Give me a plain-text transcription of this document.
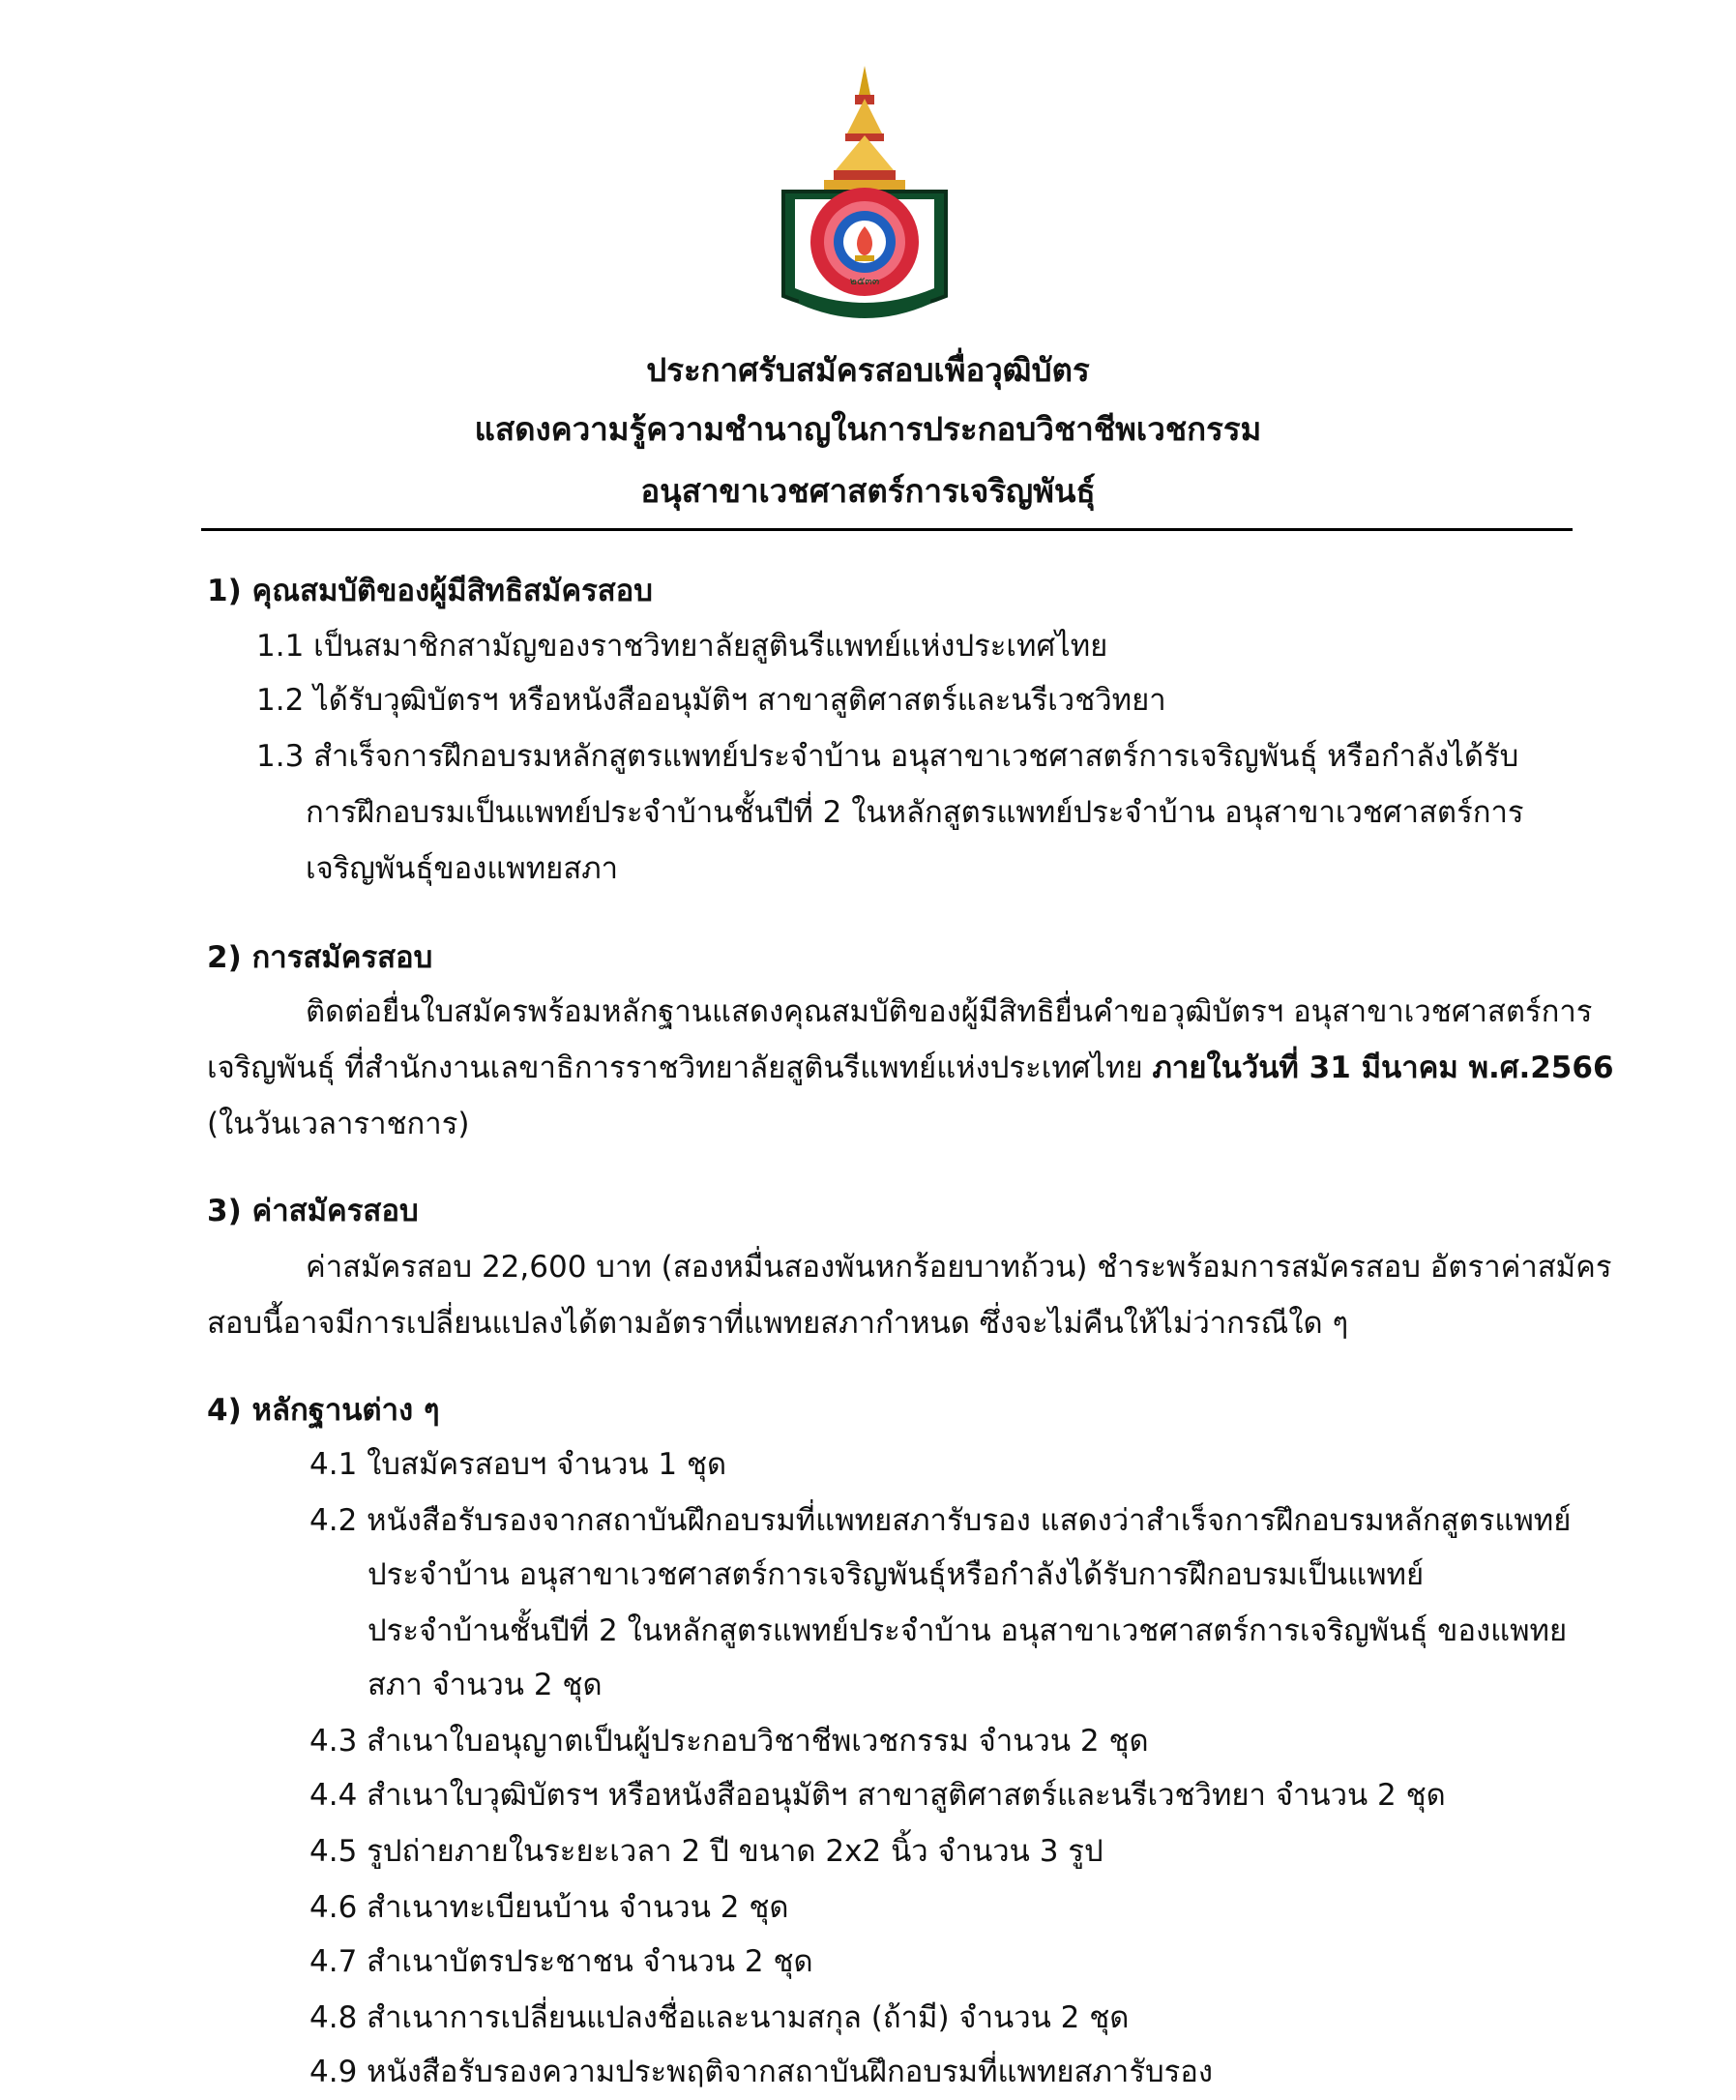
๒๕๓๓
ประกาศรับสมัครสอบเพื่อวุฒิบัตร
แสดงความรู้ความชำนาญในการประกอบวิชาชีพเวชกรรม
อนุสาขาเวชศาสตร์การเจริญพันธุ์
1) คุณสมบัติของผู้มีสิทธิสมัครสอบ
1.1 เป็นสมาชิกสามัญของราชวิทยาลัยสูตินรีแพทย์แห่งประเทศไทย
1.2 ได้รับวุฒิบัตรฯ หรือหนังสืออนุมัติฯ สาขาสูติศาสตร์และนรีเวชวิทยา
1.3 สำเร็จการฝึกอบรมหลักสูตรแพทย์ประจำบ้าน อนุสาขาเวชศาสตร์การเจริญพันธุ์ หรือกำลังได้รับ
การฝึกอบรมเป็นแพทย์ประจำบ้านชั้นปีที่ 2 ในหลักสูตรแพทย์ประจำบ้าน อนุสาขาเวชศาสตร์การ
เจริญพันธุ์ของแพทยสภา
2) การสมัครสอบ
ติดต่อยื่นใบสมัครพร้อมหลักฐานแสดงคุณสมบัติของผู้มีสิทธิยื่นคำขอวุฒิบัตรฯ อนุสาขาเวชศาสตร์การ
เจริญพันธุ์ ที่สำนักงานเลขาธิการราชวิทยาลัยสูตินรีแพทย์แห่งประเทศไทย ภายในวันที่ 31 มีนาคม พ.ศ.2566
(ในวันเวลาราชการ)
3) ค่าสมัครสอบ
ค่าสมัครสอบ 22,600 บาท (สองหมื่นสองพันหกร้อยบาทถ้วน) ชำระพร้อมการสมัครสอบ อัตราค่าสมัคร
สอบนี้อาจมีการเปลี่ยนแปลงได้ตามอัตราที่แพทยสภากำหนด ซึ่งจะไม่คืนให้ไม่ว่ากรณีใด ๆ
4) หลักฐานต่าง ๆ
4.1 ใบสมัครสอบฯ จำนวน 1 ชุด
4.2 หนังสือรับรองจากสถาบันฝึกอบรมที่แพทยสภารับรอง แสดงว่าสำเร็จการฝึกอบรมหลักสูตรแพทย์
ประจำบ้าน อนุสาขาเวชศาสตร์การเจริญพันธุ์หรือกำลังได้รับการฝึกอบรมเป็นแพทย์
ประจำบ้านชั้นปีที่ 2 ในหลักสูตรแพทย์ประจำบ้าน อนุสาขาเวชศาสตร์การเจริญพันธุ์ ของแพทย
สภา จำนวน 2 ชุด
4.3 สำเนาใบอนุญาตเป็นผู้ประกอบวิชาชีพเวชกรรม จำนวน 2 ชุด
4.4 สำเนาใบวุฒิบัตรฯ หรือหนังสืออนุมัติฯ สาขาสูติศาสตร์และนรีเวชวิทยา จำนวน 2 ชุด
4.5 รูปถ่ายภายในระยะเวลา 2 ปี ขนาด 2x2 นิ้ว จำนวน 3 รูป
4.6 สำเนาทะเบียนบ้าน จำนวน 2 ชุด
4.7 สำเนาบัตรประชาชน จำนวน 2 ชุด
4.8 สำเนาการเปลี่ยนแปลงชื่อและนามสกุล (ถ้ามี) จำนวน 2 ชุด
4.9 หนังสือรับรองความประพฤติจากสถาบันฝึกอบรมที่แพทยสภารับรอง
